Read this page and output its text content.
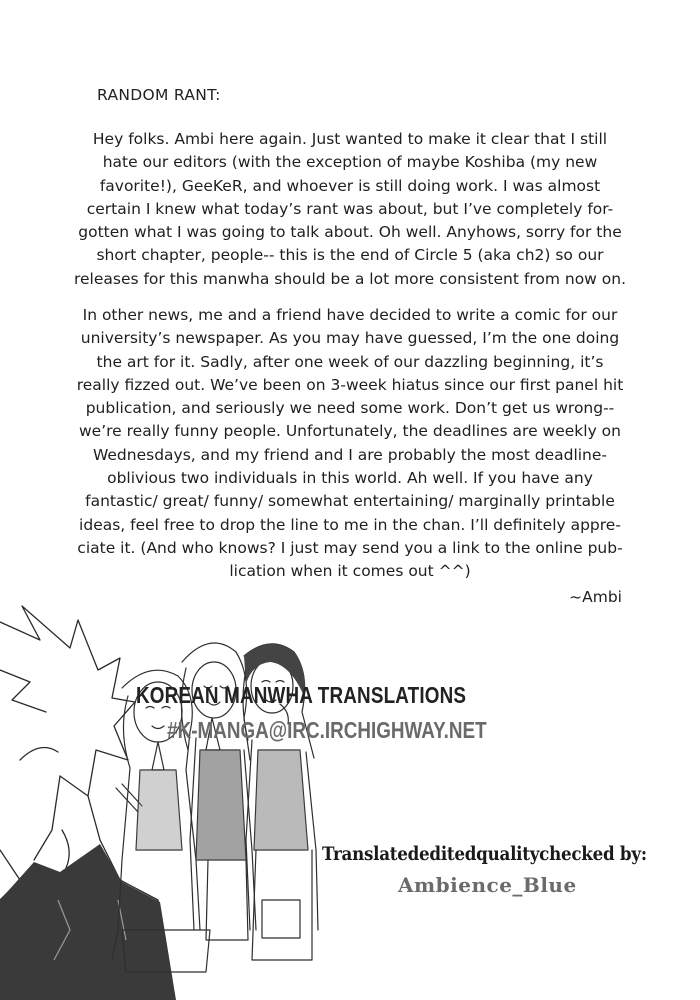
RANDOM RANT:
Hey folks. Ambi here again. Just wanted to make it clear that I still
hate our editors (with the exception of maybe Koshiba (my new
favorite!), GeeKeR, and whoever is still doing work. I was almost
certain I knew what today’s rant was about, but I’ve completely for-
gotten what I was going to talk about. Oh well. Anyhows, sorry for the
short chapter, people-- this is the end of Circle 5 (aka ch2) so our
releases for this manwha should be a lot more consistent from now on.
In other news, me and a friend have decided to write a comic for our
university’s newspaper. As you may have guessed, I’m the one doing
the art for it. Sadly, after one week of our dazzling beginning, it’s
really fizzed out. We’ve been on 3-week hiatus since our first panel hit
publication, and seriously we need some work. Don’t get us wrong--
we’re really funny people. Unfortunately, the deadlines are weekly on
Wednesdays, and my friend and I are probably the most deadline-
oblivious two individuals in this world. Ah well. If you have any
fantastic/ great/ funny/ somewhat entertaining/ marginally printable
ideas, feel free to drop the line to me in the chan. I’ll definitely appre-
ciate it. (And who knows? I just may send you a link to the online pub-
lication when it comes out ^^)
~Ambi
KOREAN MANWHA TRANSLATIONS
#K-MANGA@IRC.IRCHIGHWAY.NET
Translatededitedqualitychecked by:
Ambience_Blue
